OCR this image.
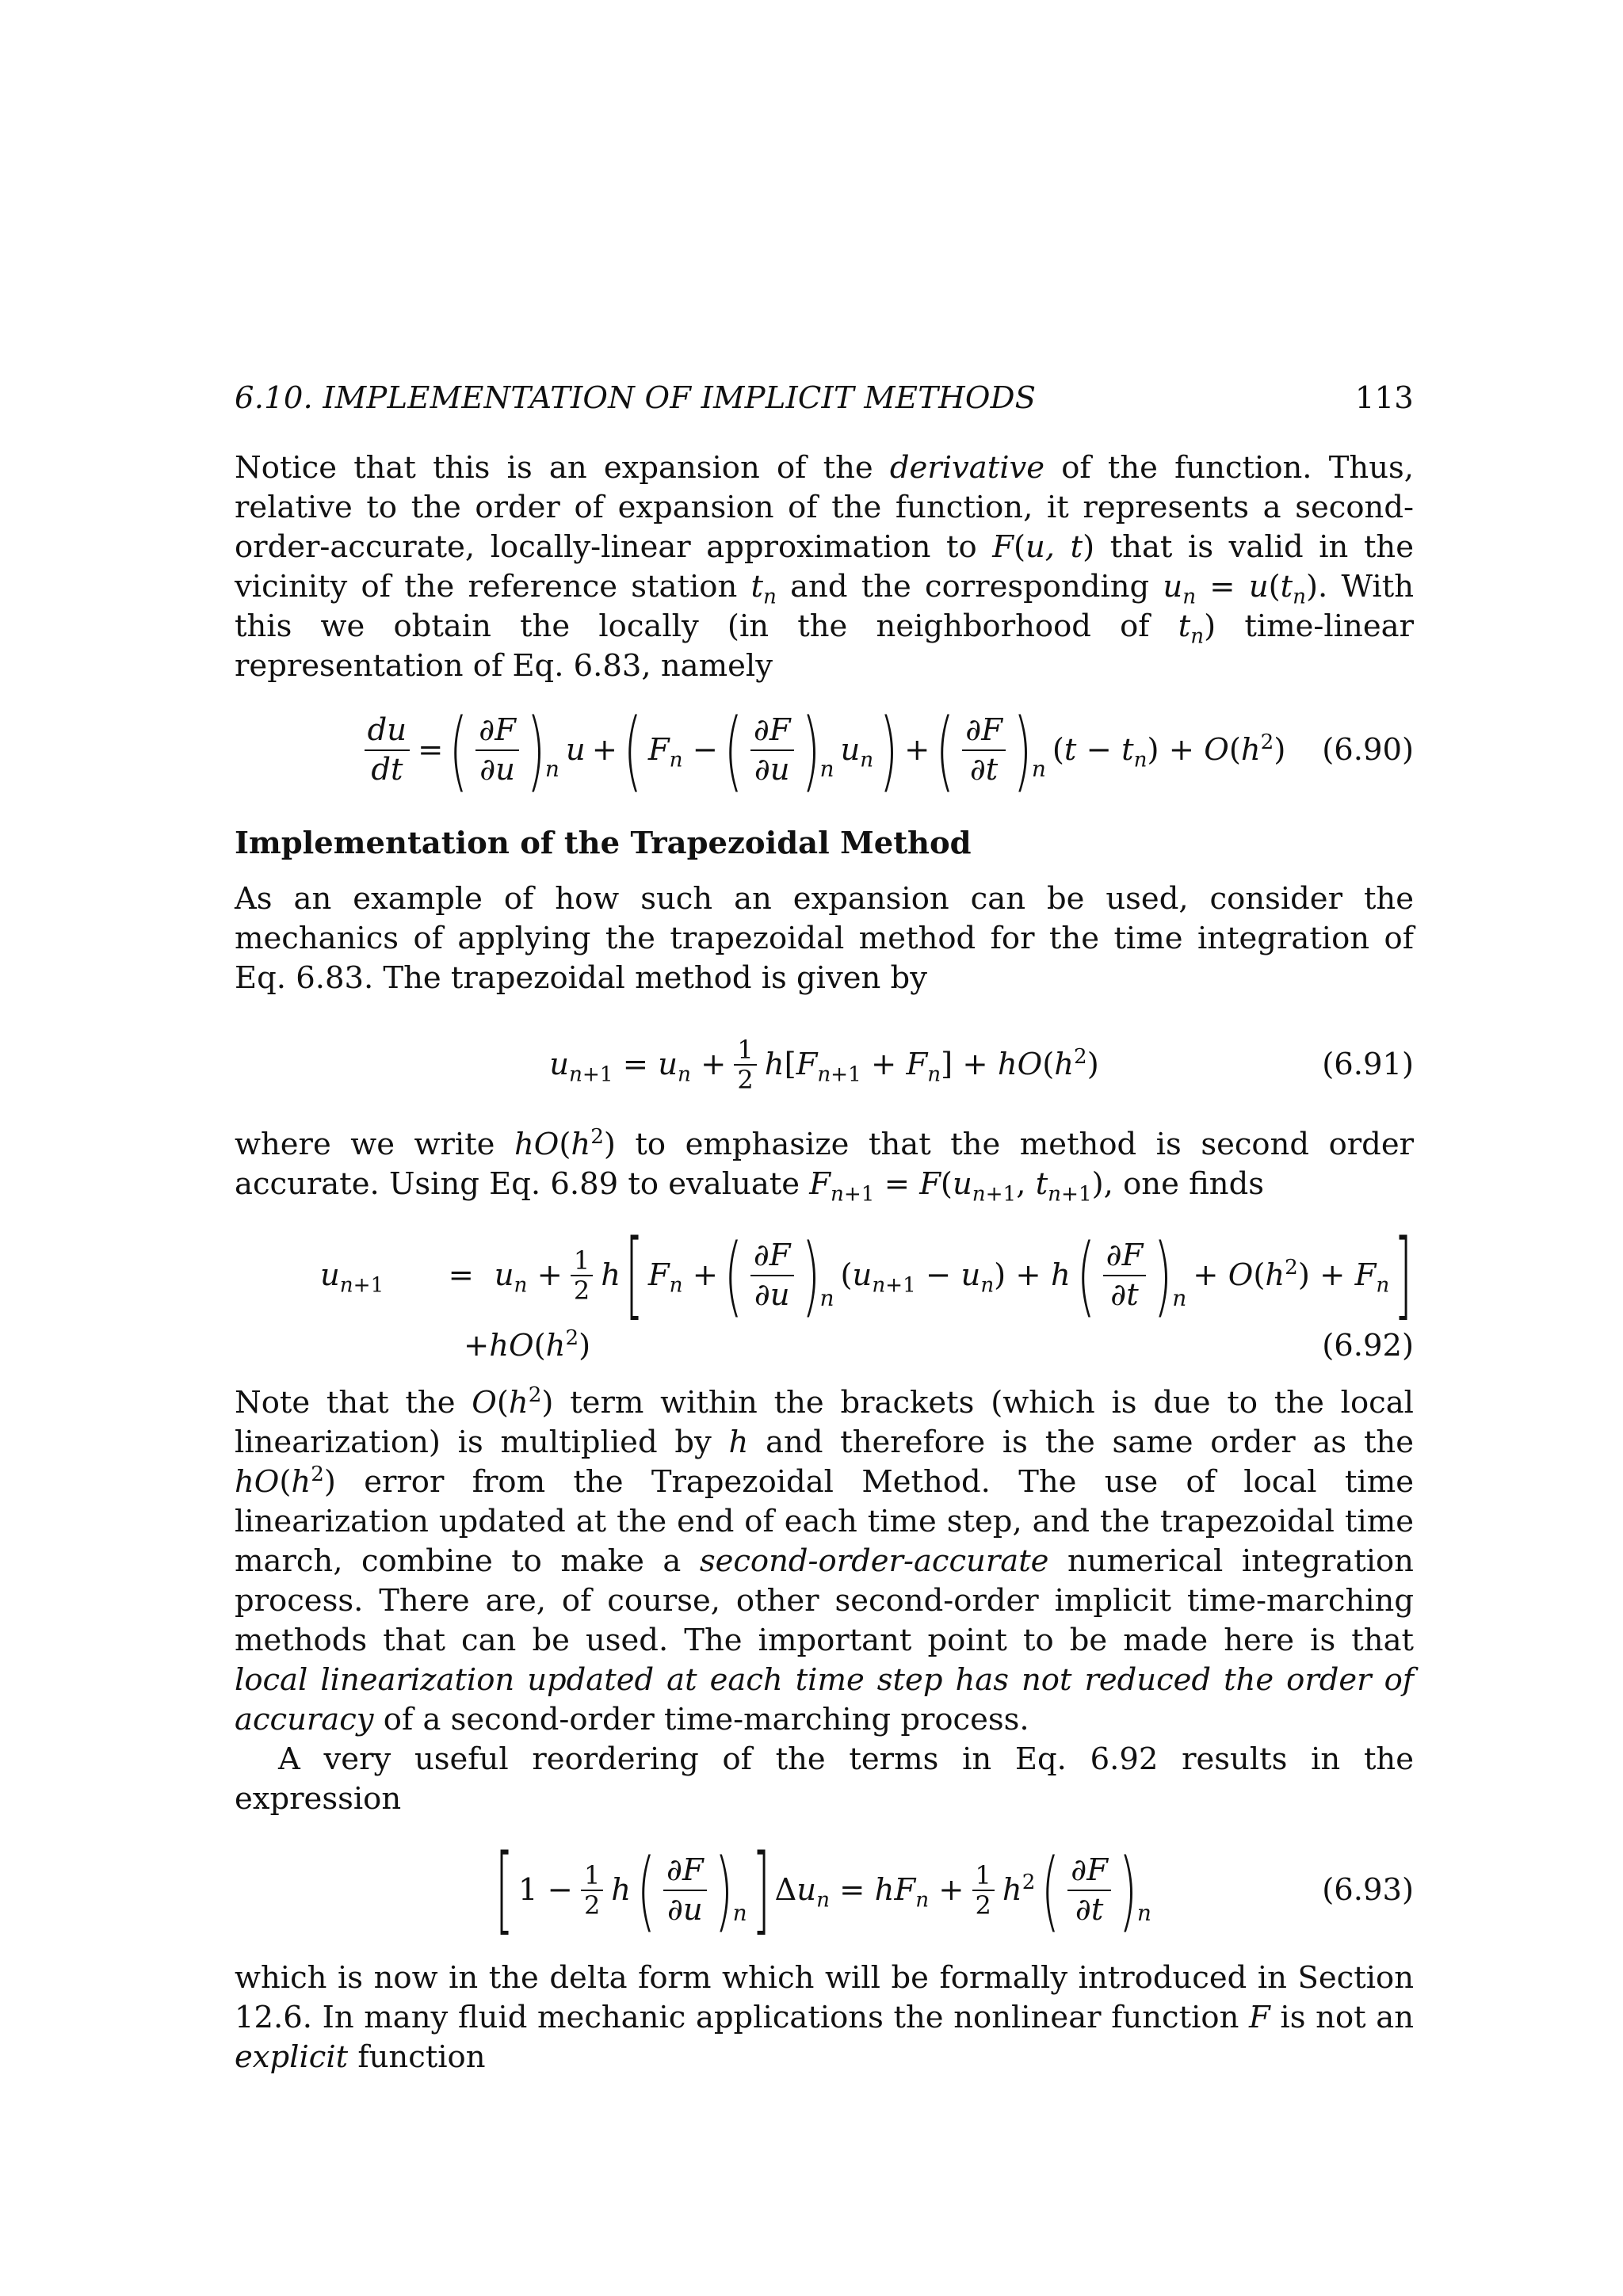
6.10. IMPLEMENTATION OF IMPLICIT METHODS	113

Notice that this is an expansion of the derivative of the function. Thus, relative to the order of expansion of the function, it represents a second-order-accurate, locally-linear approximation to F(u, t) that is valid in the vicinity of the reference station $t_n$ and the corresponding $u_n = u(t_n)$. With this we obtain the locally (in the neighborhood of $t_n$) time-linear representation of Eq. 6.83, namely

$\frac{du}{dt}$ = ( $\frac{\partial F}{\partial u}$ ) n
u + ( $F_n$ − ( $\frac{\partial F}{\partial u}$ ) n
$u_n$ ) + ( $\frac{\partial F}{\partial t}$ ) n
$(t - t_n) + O(h^2)$ (6.90)
Implementation of the Trapezoidal Method

As an example of how such an expansion can be used, consider the mechanics of applying the trapezoidal method for the time integration of Eq. 6.83. The trapezoidal method is given by

$u_{n+1} = u_n + \frac{1}{2} h[F_{n+1} + F_n] + hO(h^2)$	(6.91)

where we write $hO(h^2)$ to emphasize that the method is second order accurate. Using Eq. 6.89 to evaluate $F_{n+1} = F(u_{n+1}$, $t_{n+1}$), one finds

$u_{n+1}$	= $u_n + \frac{1}{2}$ h [ $F_n$ + ( $\frac{\partial F}{\partial u}$ ) n
$(u_{n+1} - u_n) + h$ ( $\frac{\partial F}{\partial t}$ ) n
+ $O(h^2) + F_n$ ]
$+hO(h^2)$	(6.92)

Note that the $O(h^2)$ term within the brackets (which is due to the local linearization) is multiplied by h and therefore is the same order as the $hO(h^2)$ error from the Trapezoidal Method. The use of local time linearization updated at the end of each time step, and the trapezoidal time march, combine to make a second-order-accurate numerical integration process. There are, of course, other second-order implicit time-marching methods that can be used. The important point to be made here is that local linearization updated at each time step has not reduced the order of accuracy of a second-order time-marching process.

A very useful reordering of the terms in Eq. 6.92 results in the expression

[ $1 - \frac{1}{2}$ h ( $\frac{\partial F}{\partial u}$ ) n ] $\Delta u_n = hF_n + \frac{1}{2} h^2$ ( $\frac{\partial F}{\partial t}$ ) n
(6.93)

which is now in the delta form which will be formally introduced in Section 12.6. In many fluid mechanic applications the nonlinear function F is not an explicit function
